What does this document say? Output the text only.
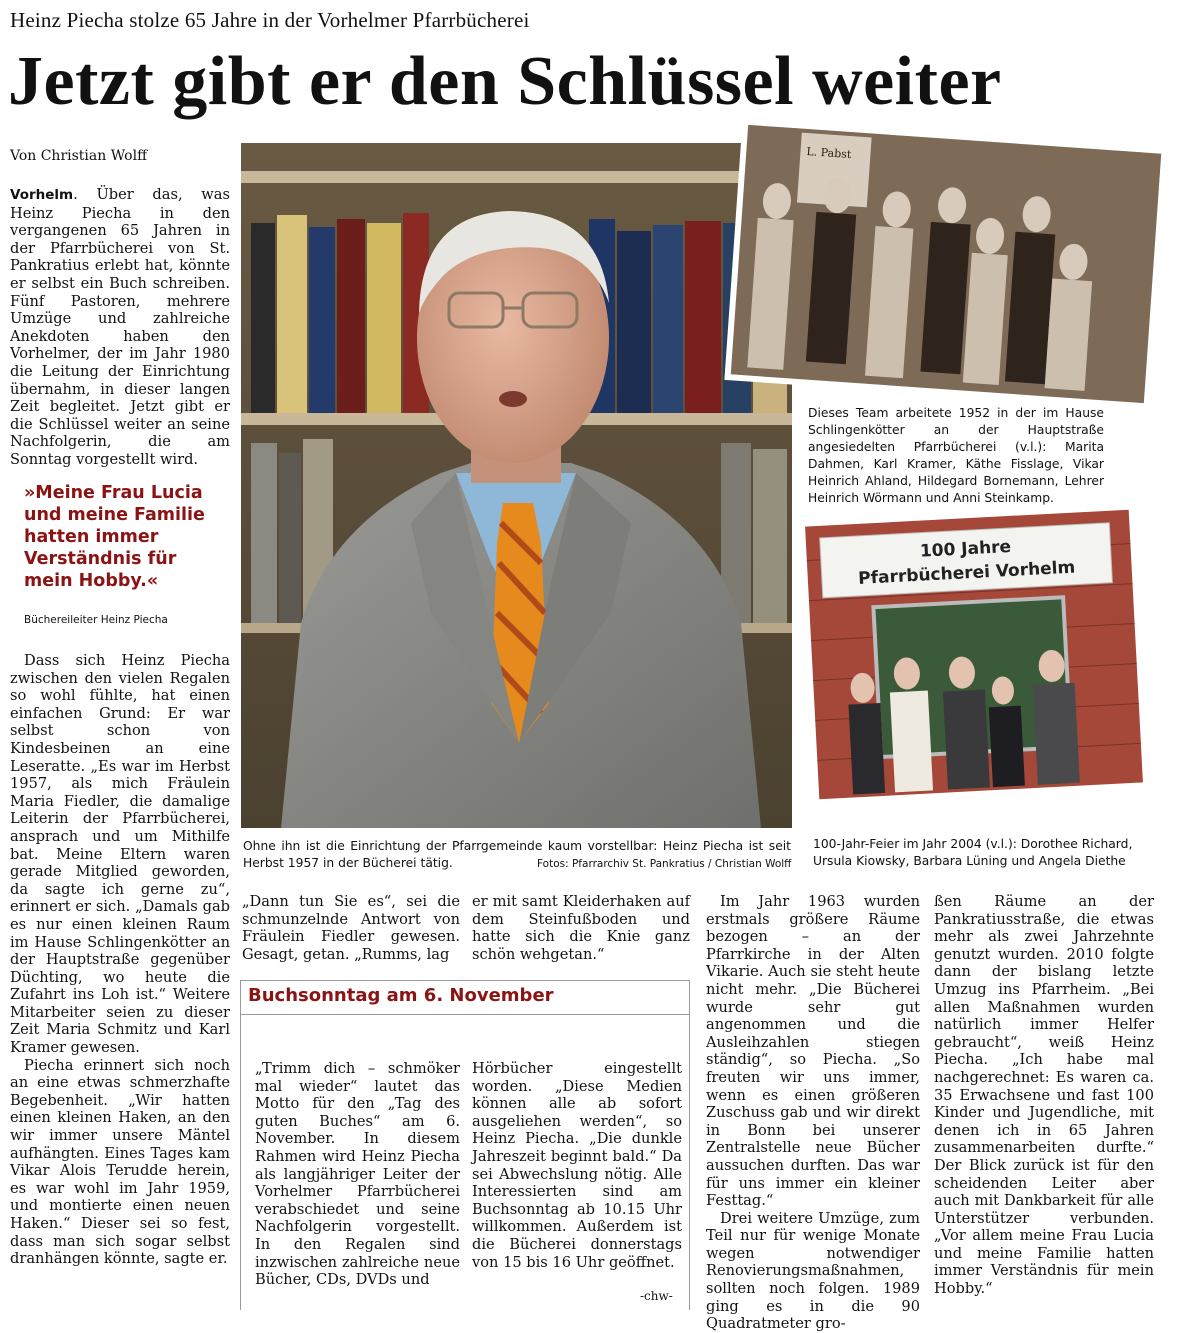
Heinz Piecha stolze 65 Jahre in der Vorhelmer Pfarrbücherei
Jetzt gibt er den Schlüssel weiter
Von Christian Wolff

Vorhelm. Über das, was Heinz Piecha in den vergangenen 65 Jahren in der Pfarrbücherei von St. Pankratius erlebt hat, könnte er selbst ein Buch schreiben. Fünf Pastoren, mehrere Umzüge und zahlreiche Anekdoten haben den Vorhelmer, der im Jahr 1980 die Leitung der Einrichtung übernahm, in dieser langen Zeit begleitet. Jetzt gibt er die Schlüssel weiter an seine Nachfolgerin, die am Sonntag vorgestellt wird.

»Meine Frau Lucia und meine Familie hatten immer Verständnis für mein Hobby.«
Büchereileiter Heinz Piecha

Dass sich Heinz Piecha zwischen den vielen Regalen so wohl fühlte, hat einen einfachen Grund: Er war selbst schon von Kindesbeinen an eine Leseratte. „Es war im Herbst 1957, als mich Fräulein Maria Fiedler, die damalige Leiterin der Pfarrbücherei, ansprach und um Mithilfe bat. Meine Eltern waren gerade Mitglied geworden, da sagte ich gerne zu“, erinnert er sich. „Damals gab es nur einen kleinen Raum im Hause Schlingenkötter an der Hauptstraße gegenüber Düchting, wo heute die Zufahrt ins Loh ist.“ Weitere Mitarbeiter seien zu dieser Zeit Maria Schmitz und Karl Kramer gewesen.

Piecha erinnert sich noch an eine etwas schmerzhafte Begebenheit. „Wir hatten einen kleinen Haken, an den wir immer unsere Mäntel aufhängten. Eines Tages kam Vikar Alois Terudde herein, es war wohl im Jahr 1959, und montierte einen neuen Haken.“ Dieser sei so fest, dass man sich sogar selbst dranhängen könnte, sagte er.

L. Pabst
Dieses Team arbeitete 1952 in der im Hause Schlingenkötter an der Hauptstraße angesiedelten Pfarrbücherei (v.l.): Marita Dahmen, Karl Kramer, Käthe Fisslage, Vikar Heinrich Ahland, Hildegard Bornemann, Lehrer Heinrich Wörmann und Anni Steinkamp.
100 Jahre
Pfarrbücherei Vorhelm
100-Jahr-Feier im Jahr 2004 (v.l.): Dorothee Richard, Ursula Kiowsky, Barbara Lüning und Angela Diethe
Ohne ihn ist die Einrichtung der Pfarrgemeinde kaum vorstellbar: Heinz Piecha ist seit Herbst 1957 in der Bücherei tätig.	Fotos: Pfarrarchiv St. Pankratius / Christian Wolff
„Dann tun Sie es“, sei die schmunzelnde Antwort von Fräulein Fiedler gewesen. Gesagt, getan. „Rumms, lag
er mit samt Kleiderhaken auf dem Steinfußboden und hatte sich die Knie ganz schön wehgetan.“
Buchsonntag am 6. November
„Trimm dich – schmöker mal wieder“ lautet das Motto für den „Tag des guten Buches“ am 6. November. In diesem Rahmen wird Heinz Piecha als langjähriger Leiter der Vorhelmer Pfarrbücherei verabschiedet und seine Nachfolgerin vorgestellt. In den Regalen sind inzwischen zahlreiche neue Bücher, CDs, DVDs und
Hörbücher eingestellt worden. „Diese Medien können alle ab sofort ausgeliehen werden“, so Heinz Piecha. „Die dunkle Jahreszeit beginnt bald.“ Da sei Abwechslung nötig. Alle Interessierten sind am Buchsonntag ab 10.15 Uhr willkommen. Außerdem ist die Bücherei donnerstags von 15 bis 16 Uhr geöffnet.
-chw-

Im Jahr 1963 wurden erstmals größere Räume bezogen – an der Pfarrkirche in der Alten Vikarie. Auch sie steht heute nicht mehr. „Die Bücherei wurde sehr gut angenommen und die Ausleihzahlen stiegen ständig“, so Piecha. „So freuten wir uns immer, wenn es einen größeren Zuschuss gab und wir direkt in Bonn bei unserer Zentralstelle neue Bücher aussuchen durften. Das war für uns immer ein kleiner Festtag.“

Drei weitere Umzüge, zum Teil nur für wenige Monate wegen notwendiger Renovierungsmaßnahmen, sollten noch folgen. 1989 ging es in die 90 Quadratmeter gro-

ßen Räume an der Pankratiusstraße, die etwas mehr als zwei Jahrzehnte genutzt wurden. 2010 folgte dann der bislang letzte Umzug ins Pfarrheim. „Bei allen Maßnahmen wurden natürlich immer Helfer gebraucht“, weiß Heinz Piecha. „Ich habe mal nachgerechnet: Es waren ca. 35 Erwachsene und fast 100 Kinder und Jugendliche, mit denen ich in 65 Jahren zusammenarbeiten durfte.“ Der Blick zurück ist für den scheidenden Leiter aber auch mit Dankbarkeit für alle Unterstützer verbunden. „Vor allem meine Frau Lucia und meine Familie hatten immer Verständnis für mein Hobby.“
